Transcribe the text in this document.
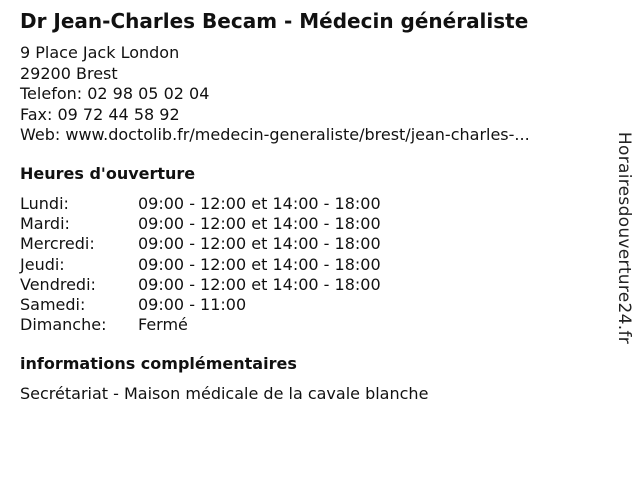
Dr Jean-Charles Becam - Médecin généraliste
9 Place Jack London
29200 Brest
Telefon: 02 98 05 02 04
Fax: 09 72 44 58 92
Web: www.doctolib.fr/medecin-generaliste/brest/jean-charles-...
Heures d'ouverture
Lundi:	09:00 - 12:00 et 14:00 - 18:00
Mardi:	09:00 - 12:00 et 14:00 - 18:00
Mercredi:	09:00 - 12:00 et 14:00 - 18:00
Jeudi:	09:00 - 12:00 et 14:00 - 18:00
Vendredi:	09:00 - 12:00 et 14:00 - 18:00
Samedi:	09:00 - 11:00
Dimanche: Fermé
informations complémentaires
Secrétariat - Maison médicale de la cavale blanche
Horairesdouverture24.fr
